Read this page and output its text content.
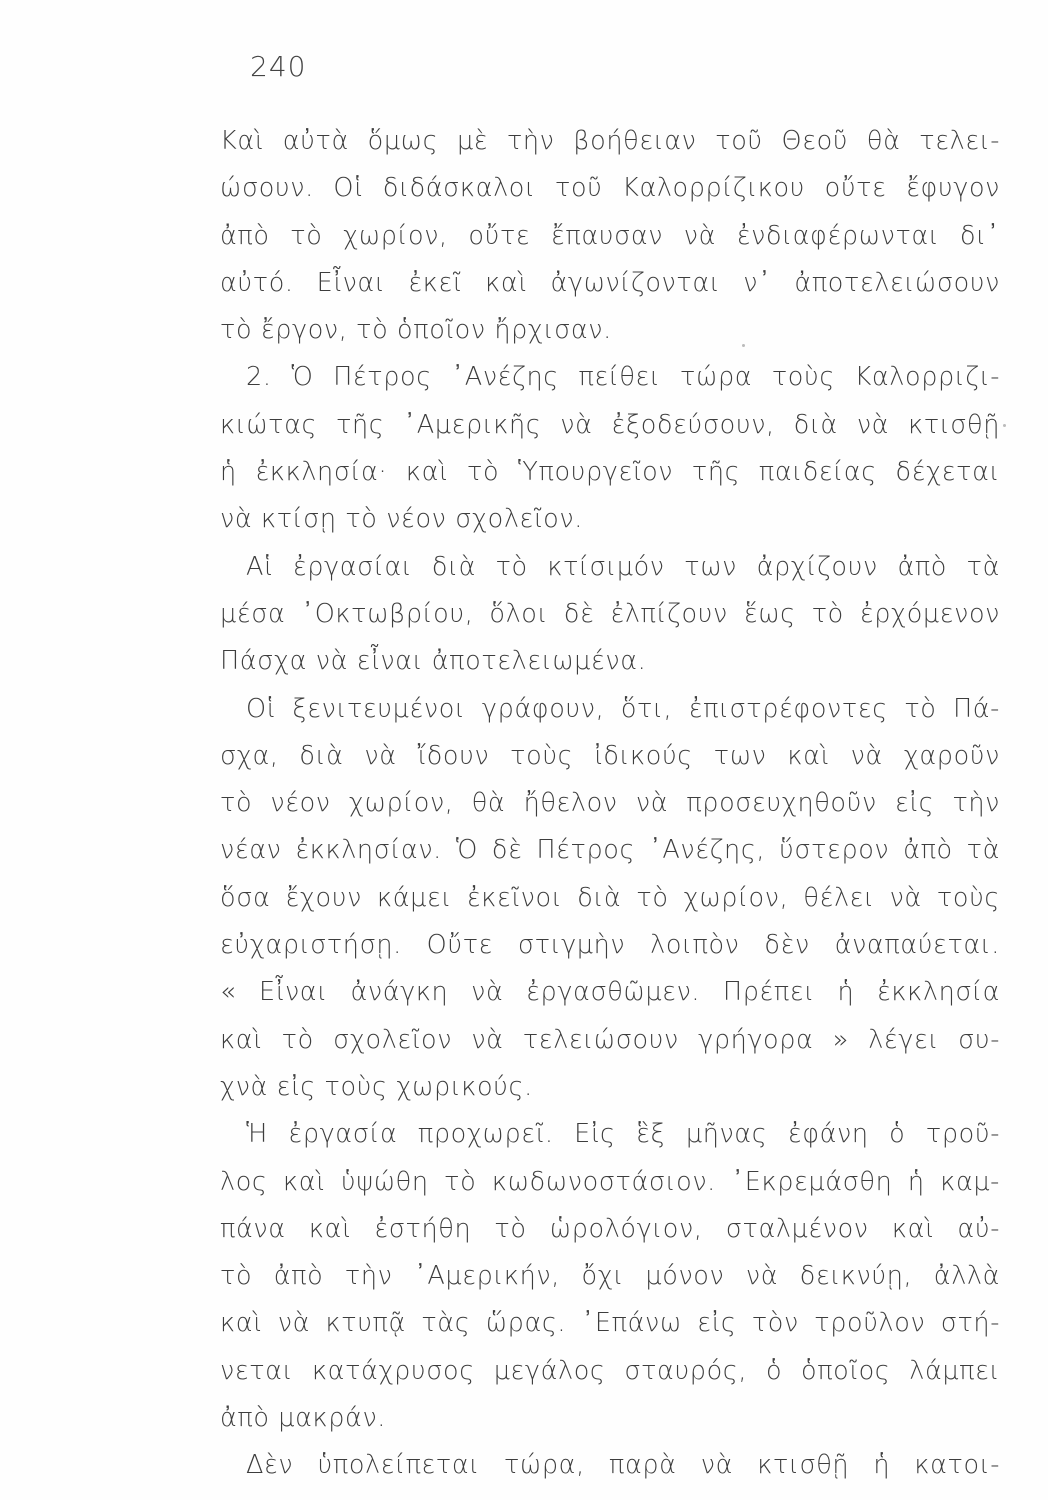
240
Καὶ αὐτὰ ὅμως μὲ τὴν βοήθειαν τοῦ Θεοῦ θὰ τελει-
ώσουν. Οἱ διδάσκαλοι τοῦ Καλορρίζικου οὔτε ἔφυγον
ἀπὸ τὸ χωρίον, οὔτε ἔπαυσαν νὰ ἐνδιαφέρωνται δι᾽
αὐτό. Εἶναι ἐκεῖ καὶ ἀγωνίζονται ν᾽ ἀποτελειώσουν
τὸ ἔργον, τὸ ὁποῖον ἤρχισαν.
2. Ὁ Πέτρος ᾽Ανέζης πείθει τώρα τοὺς Καλορριζι-
κιώτας τῆς ᾽Αμερικῆς νὰ ἐξοδεύσουν, διὰ νὰ κτισθῇ
ἡ ἐκκλησία· καὶ τὸ Ὑπουργεῖον τῆς παιδείας δέχεται
νὰ κτίσῃ τὸ νέον σχολεῖον.
Αἱ ἐργασίαι διὰ τὸ κτίσιμόν των ἀρχίζουν ἀπὸ τὰ
μέσα ᾽Οκτωβρίου, ὅλοι δὲ ἐλπίζουν ἕως τὸ ἐρχόμενον
Πάσχα νὰ εἶναι ἀποτελειωμένα.
Οἱ ξενιτευμένοι γράφουν, ὅτι, ἐπιστρέφοντες τὸ Πά-
σχα, διὰ νὰ ἴδουν τοὺς ἰδικούς των καὶ νὰ χαροῦν
τὸ νέον χωρίον, θὰ ἤθελον νὰ προσευχηθοῦν εἰς τὴν
νέαν ἐκκλησίαν. Ὁ δὲ Πέτρος ᾽Ανέζης, ὕστερον ἀπὸ τὰ
ὅσα ἔχουν κάμει ἐκεῖνοι διὰ τὸ χωρίον, θέλει νὰ τοὺς
εὐχαριστήσῃ. Οὔτε στιγμὴν λοιπὸν δὲν ἀναπαύεται.
« Εἶναι ἀνάγκη νὰ ἐργασθῶμεν. Πρέπει ἡ ἐκκλησία
καὶ τὸ σχολεῖον νὰ τελειώσουν γρήγορα » λέγει συ-
χνὰ εἰς τοὺς χωρικούς.
Ἡ ἐργασία προχωρεῖ. Εἰς ἓξ μῆνας ἐφάνη ὁ τροῦ-
λος καὶ ὑψώθη τὸ κωδωνοστάσιον. ᾽Εκρεμάσθη ἡ καμ-
πάνα καὶ ἐστήθη τὸ ὡρολόγιον, σταλμένον καὶ αὐ-
τὸ ἀπὸ τὴν ᾽Αμερικήν, ὄχι μόνον νὰ δεικνύῃ, ἀλλὰ
καὶ νὰ κτυπᾷ τὰς ὥρας. ᾽Επάνω εἰς τὸν τροῦλον στή-
νεται κατάχρυσος μεγάλος σταυρός, ὁ ὁποῖος λάμπει
ἀπὸ μακράν.
Δὲν ὑπολείπεται τώρα, παρὰ νὰ κτισθῇ ἡ κατοι-
